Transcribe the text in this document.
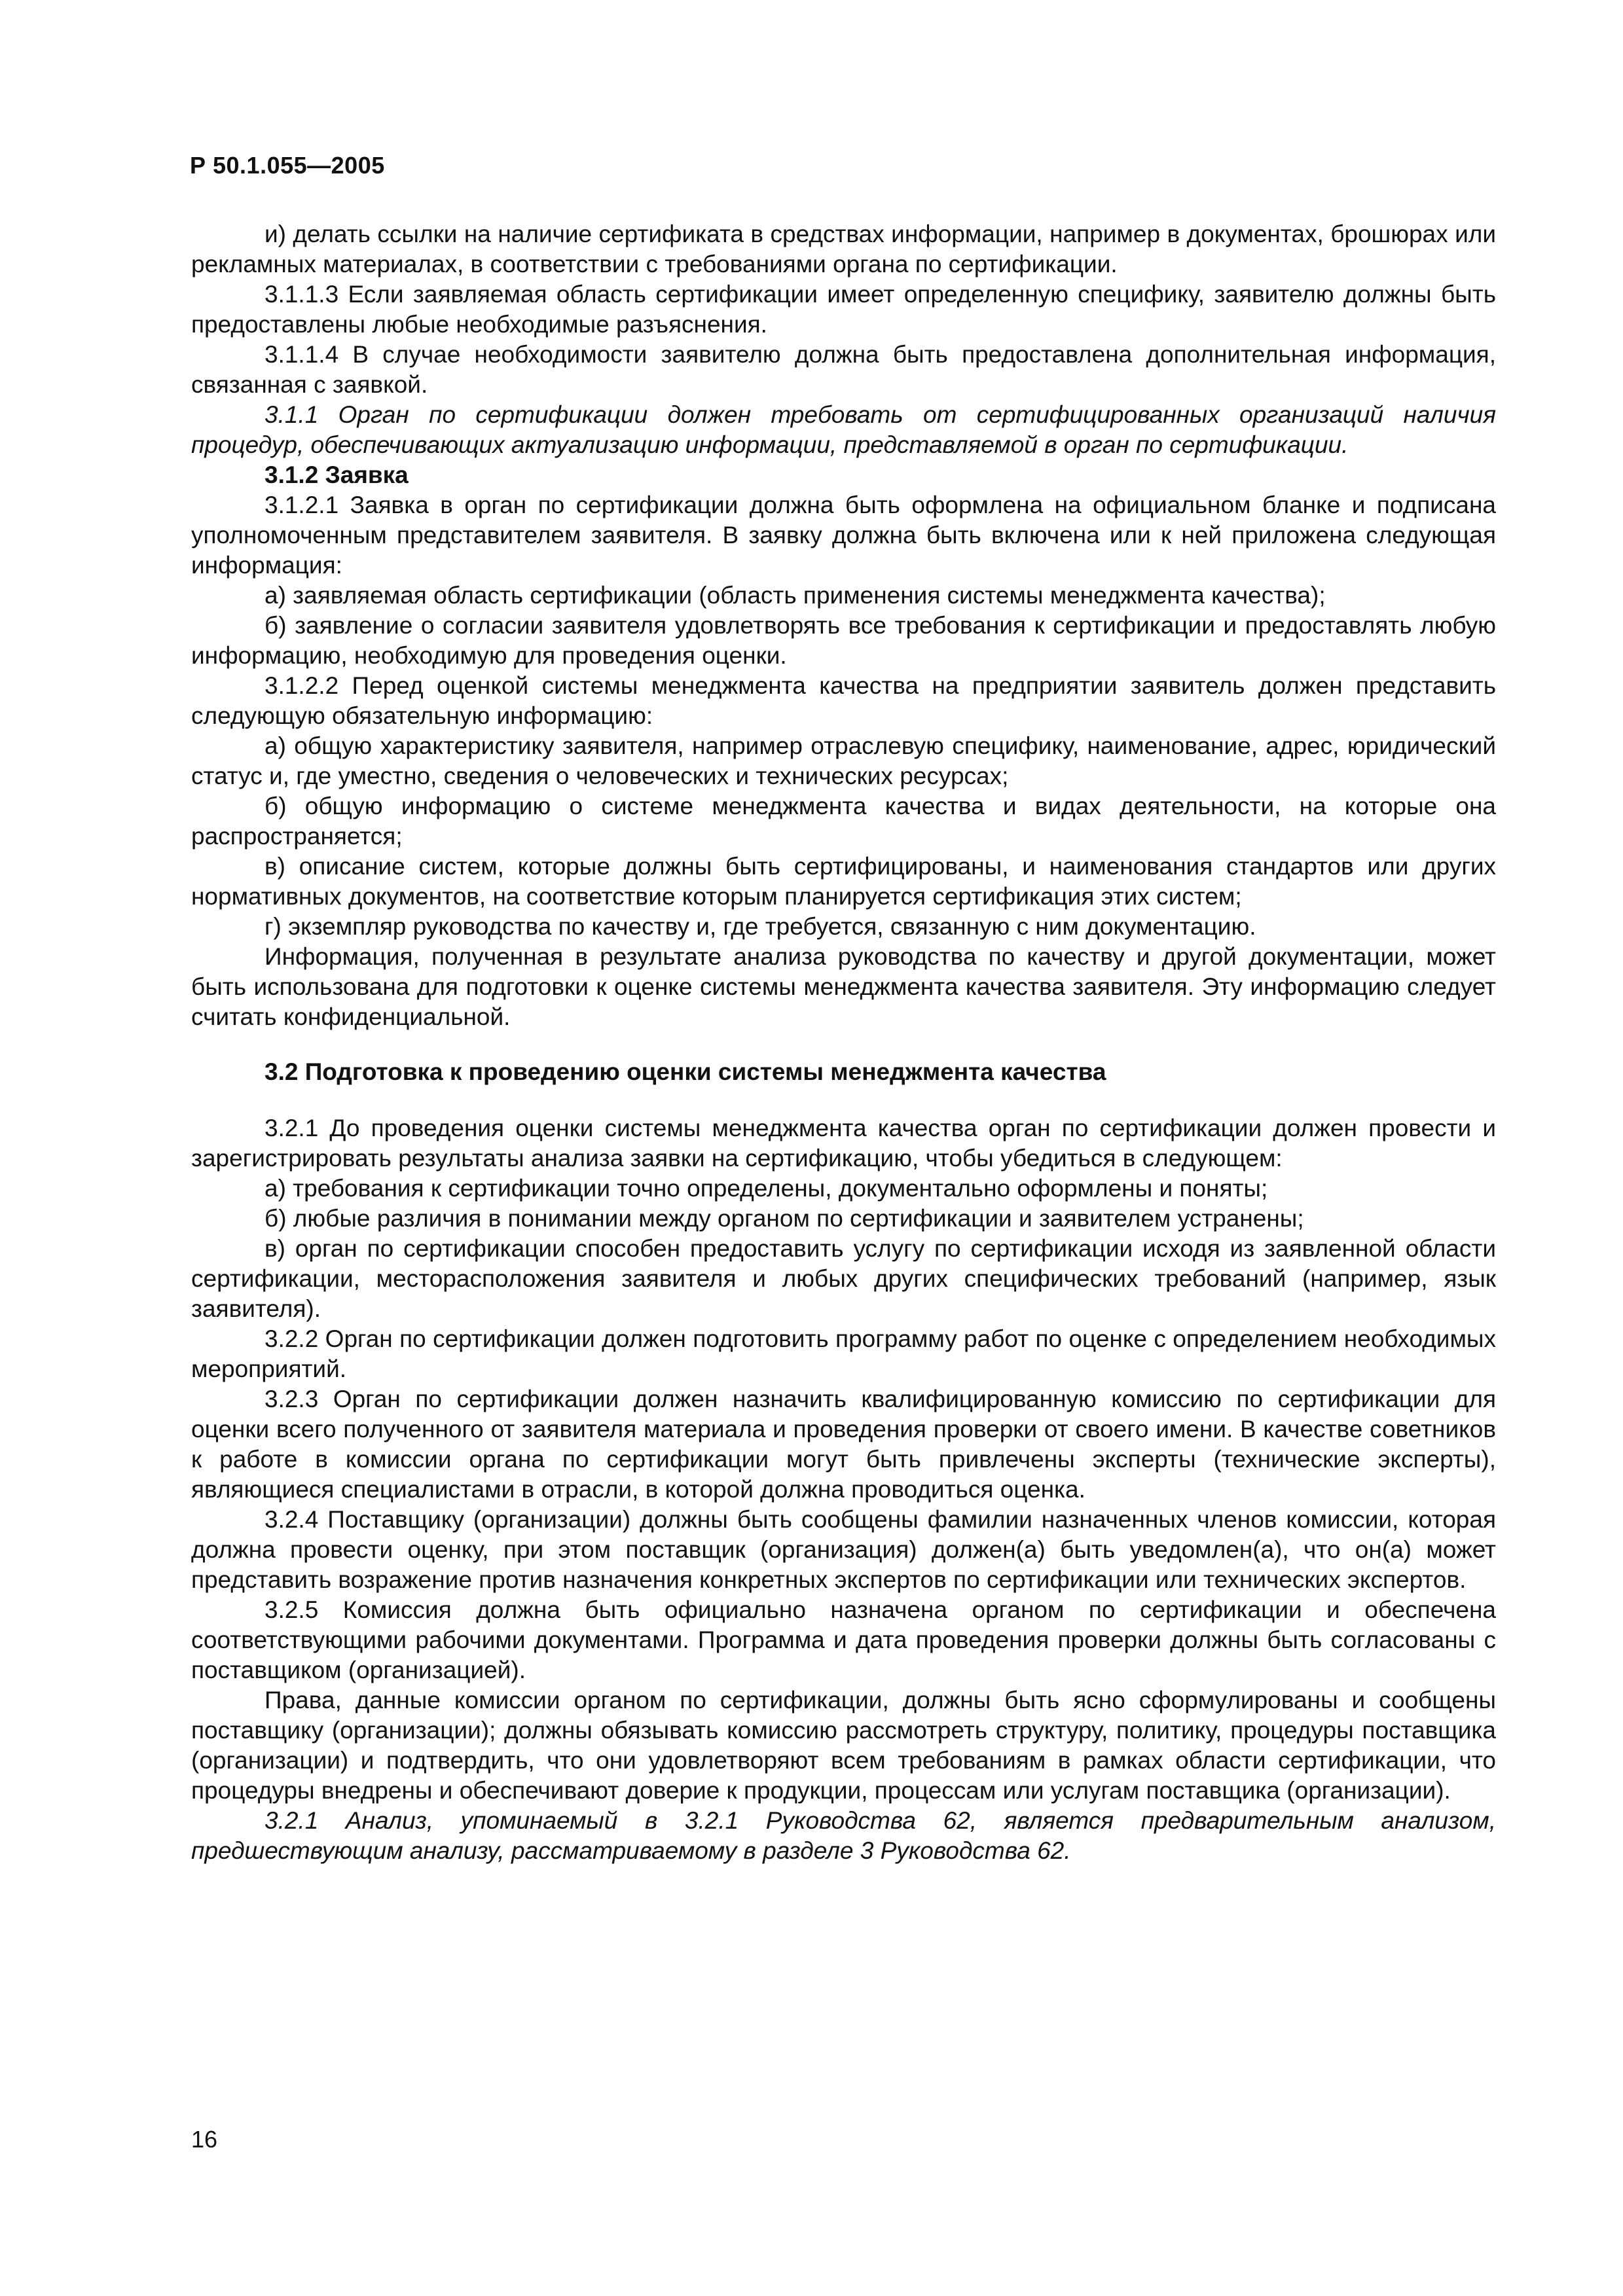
Р 50.1.055—2005

и) делать ссылки на наличие сертификата в средствах информации, например в документах, брошюрах или рекламных материалах, в соответствии с требованиями органа по сертификации.

3.1.1.3 Если заявляемая область сертификации имеет определенную специфику, заявителю должны быть предоставлены любые необходимые разъяснения.

3.1.1.4 В случае необходимости заявителю должна быть предоставлена дополнительная информация, связанная с заявкой.

3.1.1 Орган по сертификации должен требовать от сертифицированных организаций наличия процедур, обеспечивающих актуализацию информации, представляемой в орган по сертификации.

3.1.2 Заявка

3.1.2.1 Заявка в орган по сертификации должна быть оформлена на официальном бланке и подписана уполномоченным представителем заявителя. В заявку должна быть включена или к ней приложена следующая информация:

а) заявляемая область сертификации (область применения системы менеджмента качества);

б) заявление о согласии заявителя удовлетворять все требования к сертификации и предоставлять любую информацию, необходимую для проведения оценки.

3.1.2.2 Перед оценкой системы менеджмента качества на предприятии заявитель должен представить следующую обязательную информацию:

а) общую характеристику заявителя, например отраслевую специфику, наименование, адрес, юридический статус и, где уместно, сведения о человеческих и технических ресурсах;

б) общую информацию о системе менеджмента качества и видах деятельности, на которые она распространяется;

в) описание систем, которые должны быть сертифицированы, и наименования стандартов или других нормативных документов, на соответствие которым планируется сертификация этих систем;

г) экземпляр руководства по качеству и, где требуется, связанную с ним документацию.

Информация, полученная в результате анализа руководства по качеству и другой документации, может быть использована для подготовки к оценке системы менеджмента качества заявителя. Эту информацию следует считать конфиденциальной.

3.2 Подготовка к проведению оценки системы менеджмента качества

3.2.1 До проведения оценки системы менеджмента качества орган по сертификации должен провести и зарегистрировать результаты анализа заявки на сертификацию, чтобы убедиться в следующем:

а) требования к сертификации точно определены, документально оформлены и поняты;

б) любые различия в понимании между органом по сертификации и заявителем устранены;

в) орган по сертификации способен предоставить услугу по сертификации исходя из заявленной области сертификации, месторасположения заявителя и любых других специфических требований (например, язык заявителя).

3.2.2 Орган по сертификации должен подготовить программу работ по оценке с определением необходимых мероприятий.

3.2.3 Орган по сертификации должен назначить квалифицированную комиссию по сертификации для оценки всего полученного от заявителя материала и проведения проверки от своего имени. В качестве советников к работе в комиссии органа по сертификации могут быть привлечены эксперты (технические эксперты), являющиеся специалистами в отрасли, в которой должна проводиться оценка.

3.2.4 Поставщику (организации) должны быть сообщены фамилии назначенных членов комиссии, которая должна провести оценку, при этом поставщик (организация) должен(а) быть уведомлен(а), что он(а) может представить возражение против назначения конкретных экспертов по сертификации или технических экспертов.

3.2.5 Комиссия должна быть официально назначена органом по сертификации и обеспечена соответствующими рабочими документами. Программа и дата проведения проверки должны быть согласованы с поставщиком (организацией).

Права, данные комиссии органом по сертификации, должны быть ясно сформулированы и сообщены поставщику (организации); должны обязывать комиссию рассмотреть структуру, политику, процедуры поставщика (организации) и подтвердить, что они удовлетворяют всем требованиям в рамках области сертификации, что процедуры внедрены и обеспечивают доверие к продукции, процессам или услугам поставщика (организации).

3.2.1 Анализ, упоминаемый в 3.2.1 Руководства 62, является предварительным анализом, предшествующим анализу, рассматриваемому в разделе 3 Руководства 62.

16
